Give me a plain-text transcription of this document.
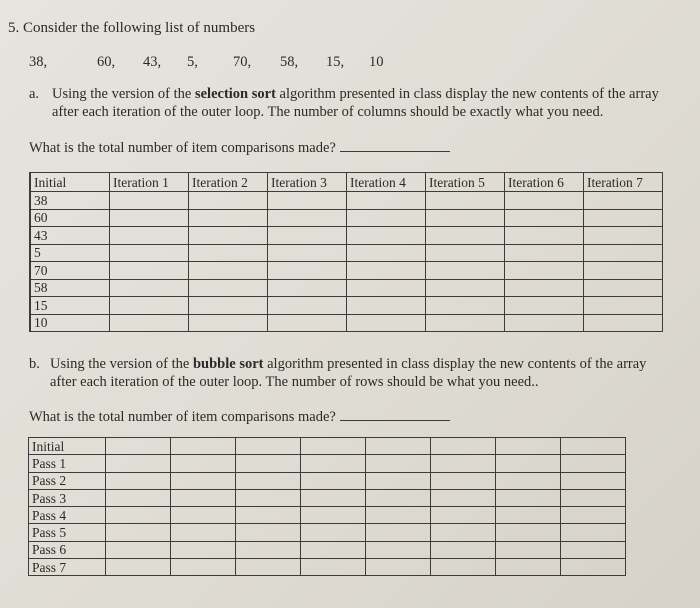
5. Consider the following list of numbers
38,	60, 43, 5, 70, 58, 15, 10
a. Using the version of the selection sort algorithm presented in class display the new contents of the array
after each iteration of the outer loop. The number of columns should be exactly what you need.
What is the total number of item comparisons made?
Initial	Iteration 1	Iteration 2	Iteration 3	Iteration 4	Iteration 5	Iteration 6	Iteration 7
38							
60							
43							
5							
70							
58							
15							
10							
b. Using the version of the bubble sort algorithm presented in class display the new contents of the array
after each iteration of the outer loop. The number of rows should be what you need..
What is the total number of item comparisons made?
Initial								
Pass 1								
Pass 2								
Pass 3								
Pass 4								
Pass 5								
Pass 6								
Pass 7								
